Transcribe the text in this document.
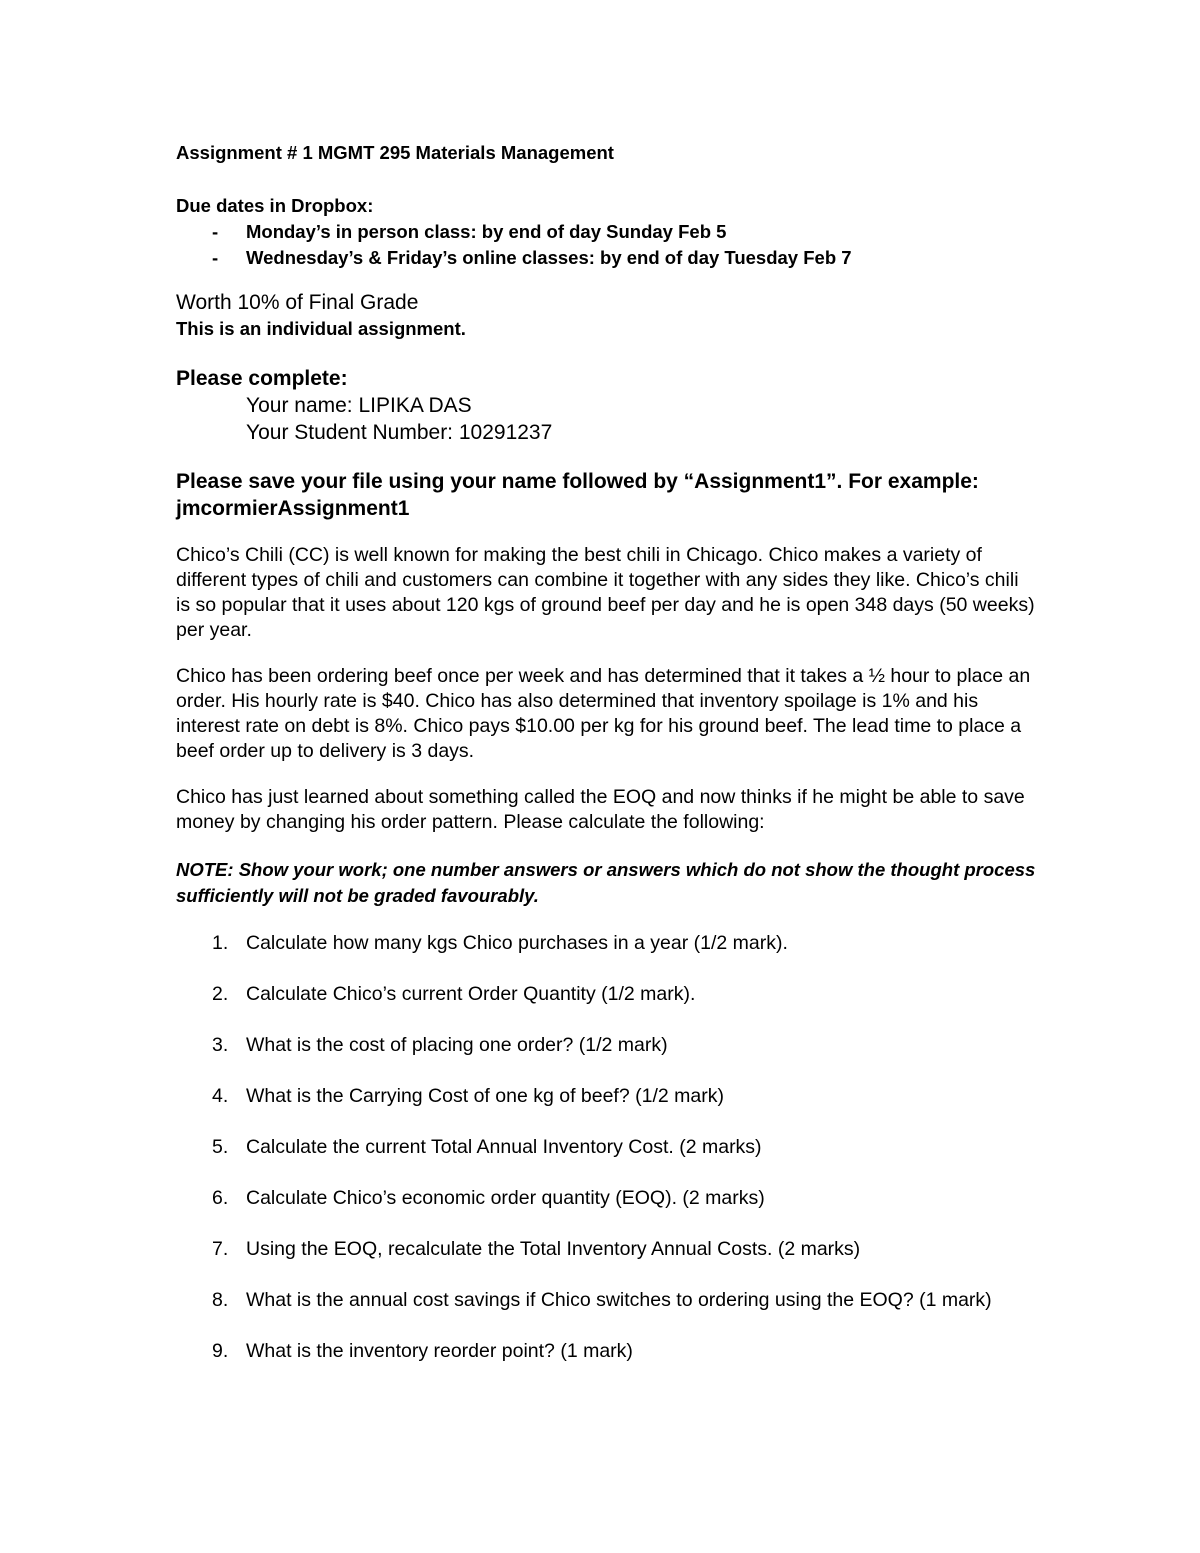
Assignment # 1 MGMT 295 Materials Management
Due dates in Dropbox:
- Monday’s in person class: by end of day Sunday Feb 5
- Wednesday’s & Friday’s online classes: by end of day Tuesday Feb 7
Worth 10% of Final Grade
This is an individual assignment.
Please complete:
Your name: LIPIKA DAS
Your Student Number: 10291237
Please save your file using your name followed by “Assignment1”. For example: jmcormierAssignment1
Chico’s Chili (CC) is well known for making the best chili in Chicago. Chico makes a variety of different types of chili and customers can combine it together with any sides they like. Chico’s chili is so popular that it uses about 120 kgs of ground beef per day and he is open 348 days (50 weeks) per year.
Chico has been ordering beef once per week and has determined that it takes a ½ hour to place an order. His hourly rate is $40. Chico has also determined that inventory spoilage is 1% and his interest rate on debt is 8%. Chico pays $10.00 per kg for his ground beef. The lead time to place a beef order up to delivery is 3 days.
Chico has just learned about something called the EOQ and now thinks if he might be able to save money by changing his order pattern. Please calculate the following:
NOTE: Show your work; one number answers or answers which do not show the thought process sufficiently will not be graded favourably.
1. Calculate how many kgs Chico purchases in a year (1/2 mark).
2. Calculate Chico’s current Order Quantity (1/2 mark).
3. What is the cost of placing one order? (1/2 mark)
4. What is the Carrying Cost of one kg of beef? (1/2 mark)
5. Calculate the current Total Annual Inventory Cost. (2 marks)
6. Calculate Chico’s economic order quantity (EOQ). (2 marks)
7. Using the EOQ, recalculate the Total Inventory Annual Costs. (2 marks)
8. What is the annual cost savings if Chico switches to ordering using the EOQ? (1 mark)
9. What is the inventory reorder point? (1 mark)
